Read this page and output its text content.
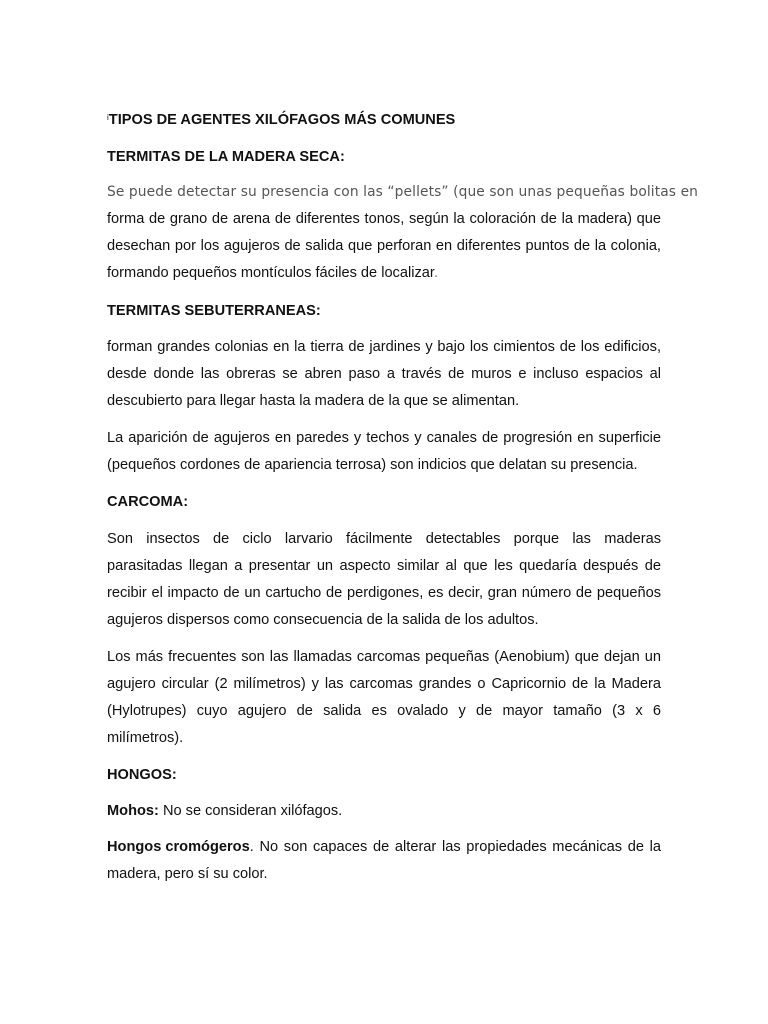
$^i$TIPOS DE AGENTES XILÓFAGOS MÁS COMUNES
TERMITAS DE LA MADERA SECA:
Se puede detectar su presencia con las “pellets” (que son unas pequeñas bolitas en
forma de grano de arena de diferentes tonos, según la coloración de la madera) que
desechan por los agujeros de salida que perforan en diferentes puntos de la colonia,
formando pequeños montículos fáciles de localizar.
TERMITAS SEBUTERRANEAS:
forman grandes colonias en la tierra de jardines y bajo los cimientos de los edificios,
desde donde las obreras se abren paso a través de muros e incluso espacios al
descubierto para llegar hasta la madera de la que se alimentan.
La aparición de agujeros en paredes y techos y canales de progresión en superficie
(pequeños cordones de apariencia terrosa) son indicios que delatan su presencia.
CARCOMA:
Son insectos de ciclo larvario fácilmente detectables porque las maderas
parasitadas llegan a presentar un aspecto similar al que les quedaría después de
recibir el impacto de un cartucho de perdigones, es decir, gran número de pequeños
agujeros dispersos como consecuencia de la salida de los adultos.
Los más frecuentes son las llamadas carcomas pequeñas (Aenobium) que dejan un
agujero circular (2 milímetros) y las carcomas grandes o Capricornio de la Madera
(Hylotrupes) cuyo agujero de salida es ovalado y de mayor tamaño (3 x 6
milímetros).
HONGOS:
Mohos: No se consideran xilófagos.
Hongos cromógeros . No son capaces de alterar las propiedades mecánicas de la
madera, pero sí su color.
